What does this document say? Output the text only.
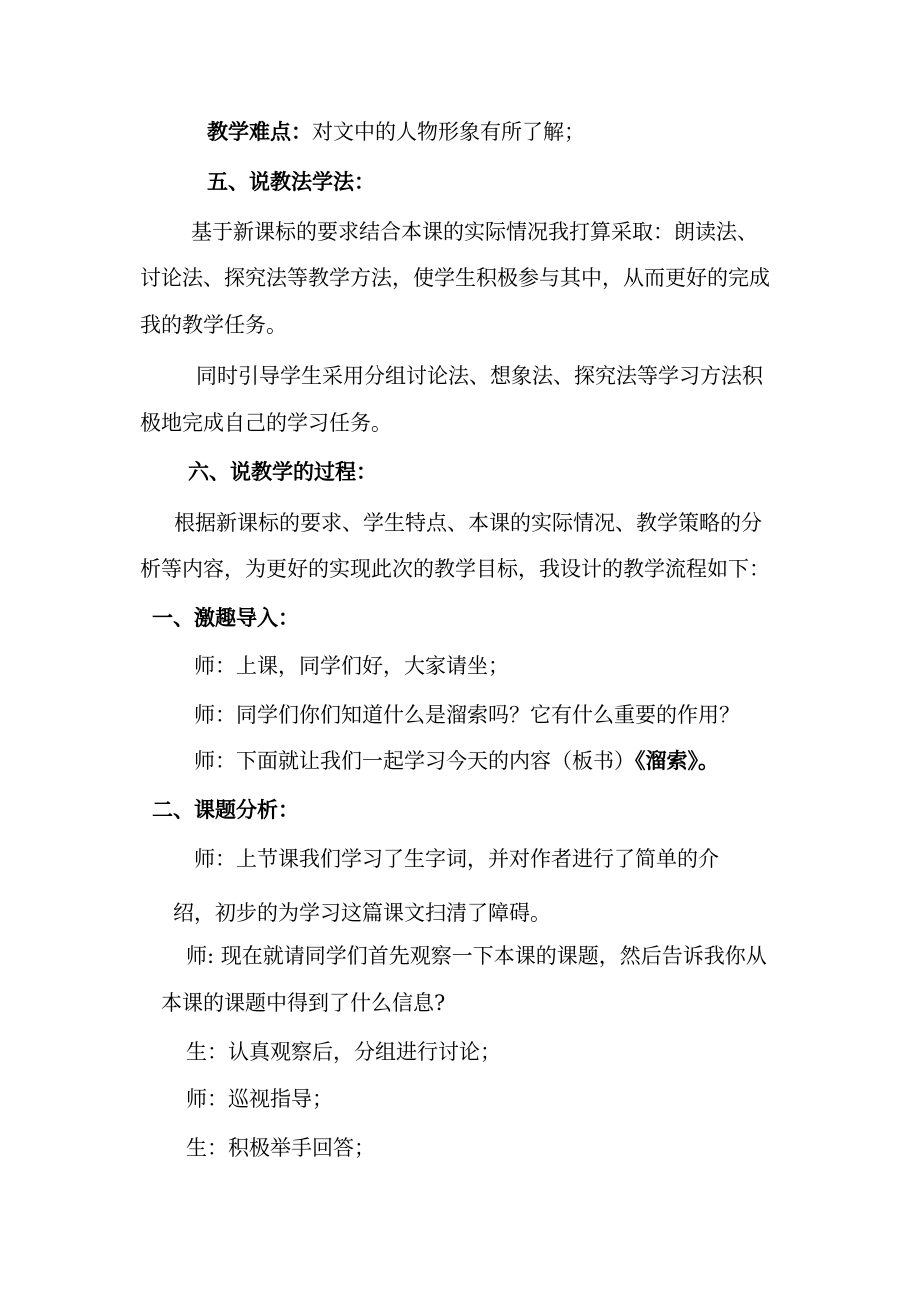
教学难点：对文中的人物形象有所了解；

五、说教法学法：

基于新课标的要求结合本课的实际情况我打算采取：朗读法、

讨论法、探究法等教学方法，使学生积极参与其中，从而更好的完成

我的教学任务。

同时引导学生采用分组讨论法、想象法、探究法等学习方法积

极地完成自己的学习任务。

六、说教学的过程：

根据新课标的要求、学生特点、本课的实际情况、教学策略的分

析等内容，为更好的实现此次的教学目标，我设计的教学流程如下：

一、激趣导入：

师：上课，同学们好，大家请坐；

师：同学们你们知道什么是溜索吗？它有什么重要的作用？

师：下面就让我们一起学习今天的内容（板书）《溜索》。

二、课题分析：

师：上节课我们学习了生字词，并对作者进行了简单的介

绍，初步的为学习这篇课文扫清了障碍。

师: 现在就请同学们首先观察一下本课的课题，然后告诉我你从

本课的课题中得到了什么信息?

生：认真观察后，分组进行讨论；

师：巡视指导；

生：积极举手回答；
